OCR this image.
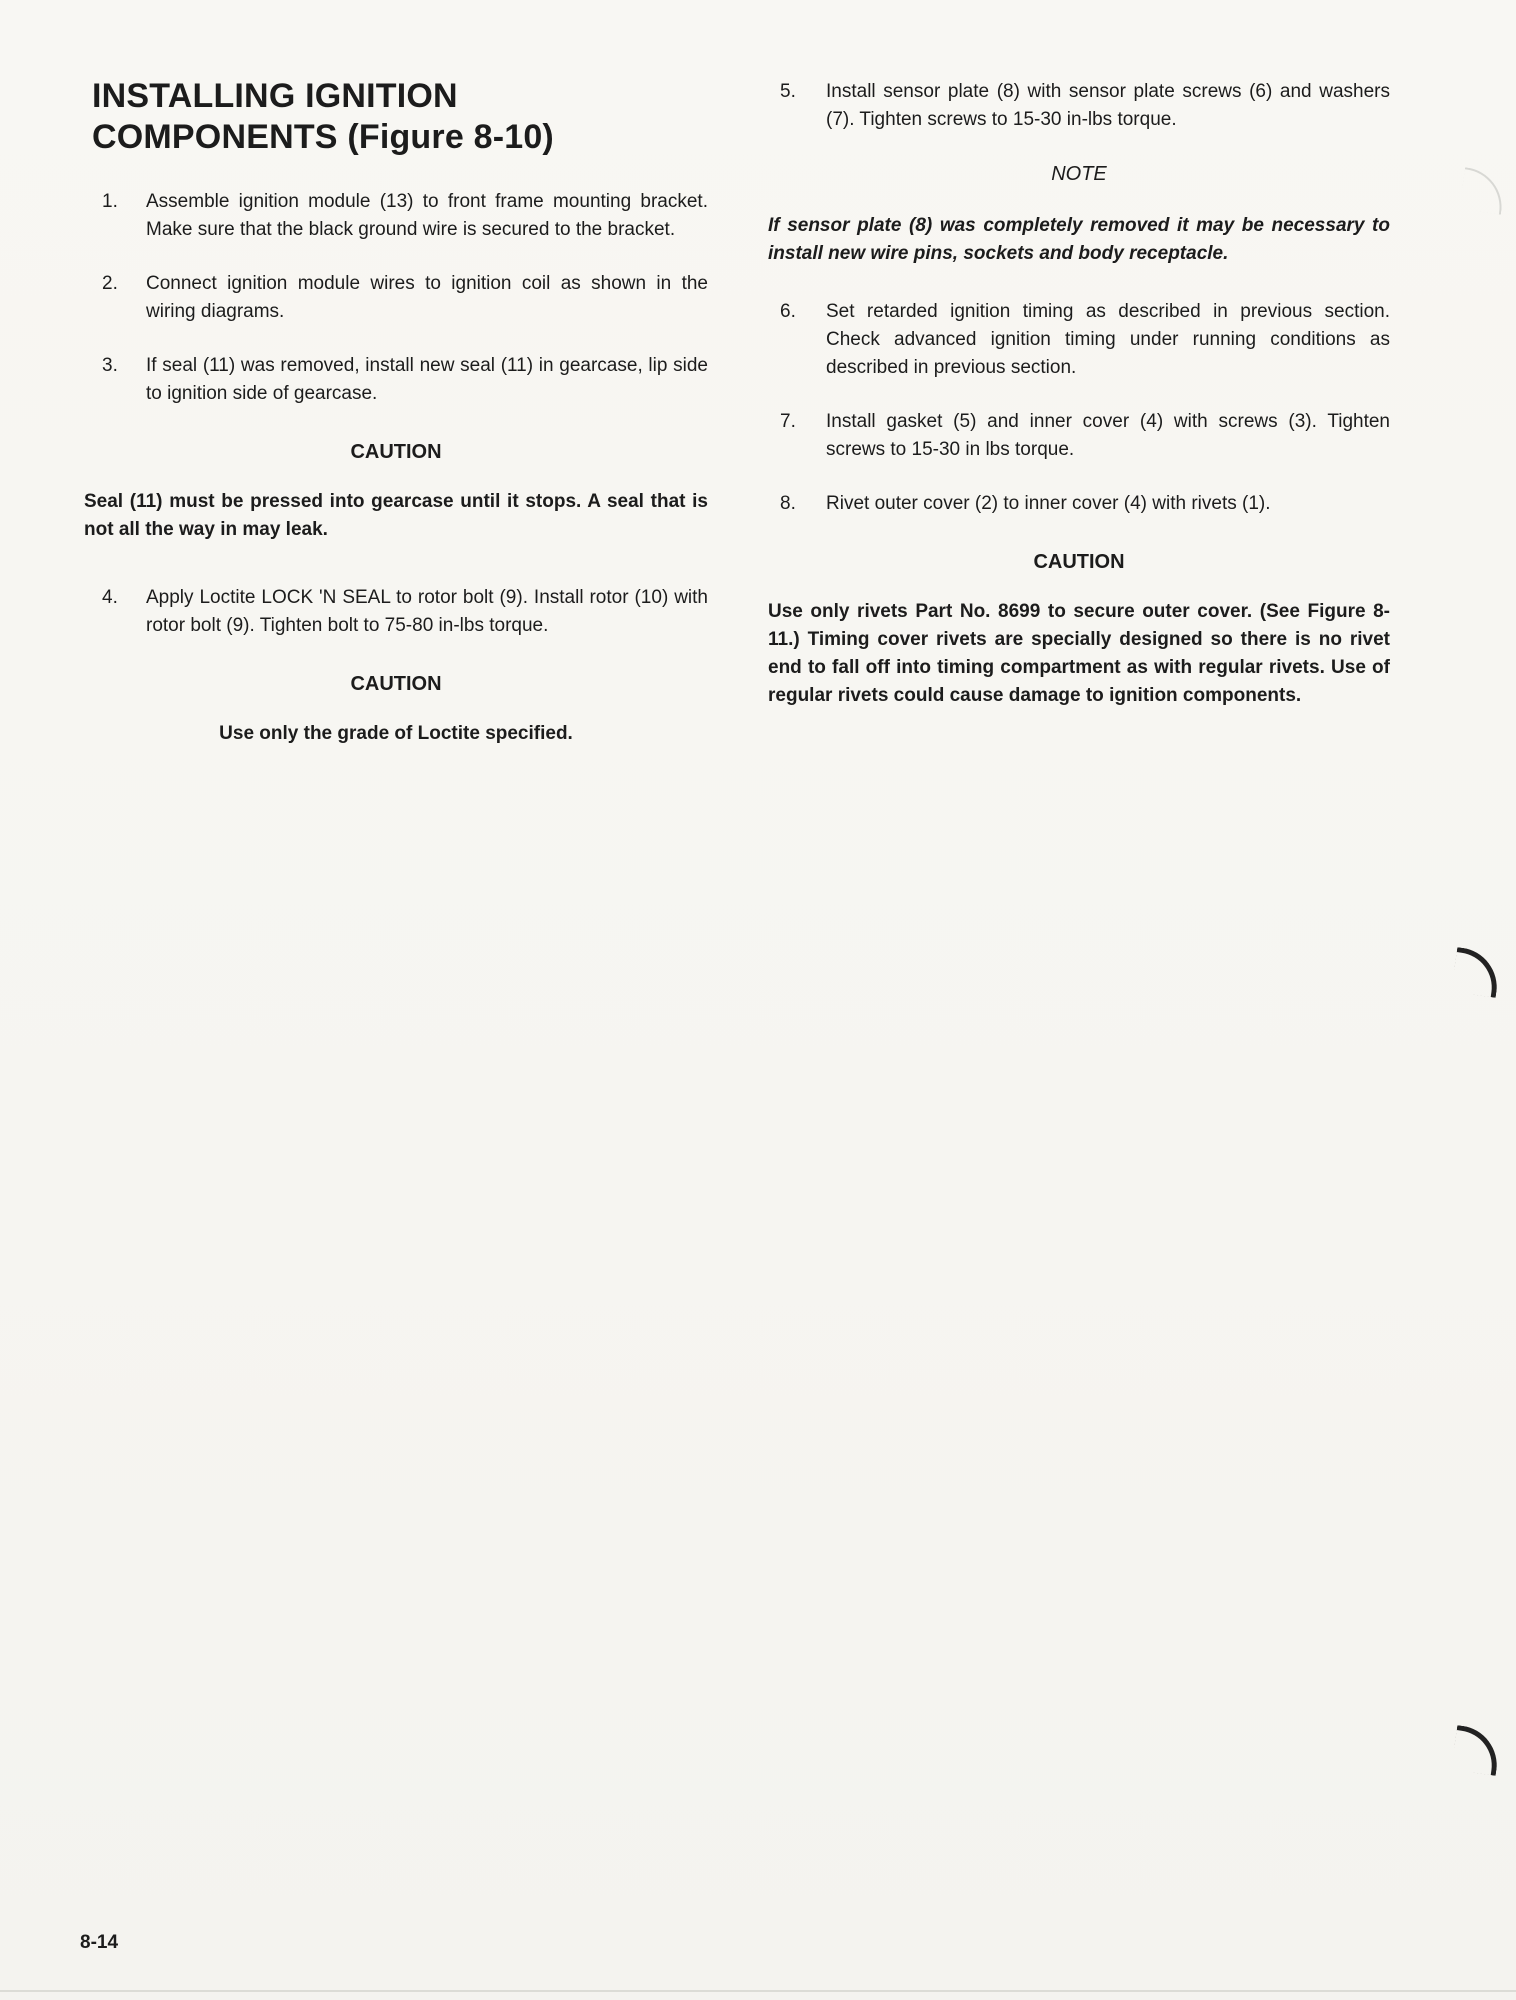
INSTALLING IGNITION COMPONENTS (Figure 8-10)
1.	Assemble ignition module (13) to front frame mounting bracket. Make sure that the black ground wire is secured to the bracket.
2.	Connect ignition module wires to ignition coil as shown in the wiring diagrams.
3.	If seal (11) was removed, install new seal (11) in gearcase, lip side to ignition side of gearcase.
CAUTION
Seal (11) must be pressed into gearcase until it stops. A seal that is not all the way in may leak.
4.	Apply Loctite LOCK 'N SEAL to rotor bolt (9). Install rotor (10) with rotor bolt (9). Tighten bolt to 75-80 in-lbs torque.
CAUTION
Use only the grade of Loctite specified.
5.	Install sensor plate (8) with sensor plate screws (6) and washers (7). Tighten screws to 15-30 in-lbs torque.
NOTE
If sensor plate (8) was completely removed it may be necessary to install new wire pins, sockets and body receptacle.
6.	Set retarded ignition timing as described in previous section. Check advanced ignition timing under running conditions as described in previous section.
7.	Install gasket (5) and inner cover (4) with screws (3). Tighten screws to 15-30 in lbs torque.
8.	Rivet outer cover (2) to inner cover (4) with rivets (1).
CAUTION
Use only rivets Part No. 8699 to secure outer cover. (See Figure 8-11.) Timing cover rivets are specially designed so there is no rivet end to fall off into timing compartment as with regular rivets. Use of regular rivets could cause damage to ignition components.
8-14
